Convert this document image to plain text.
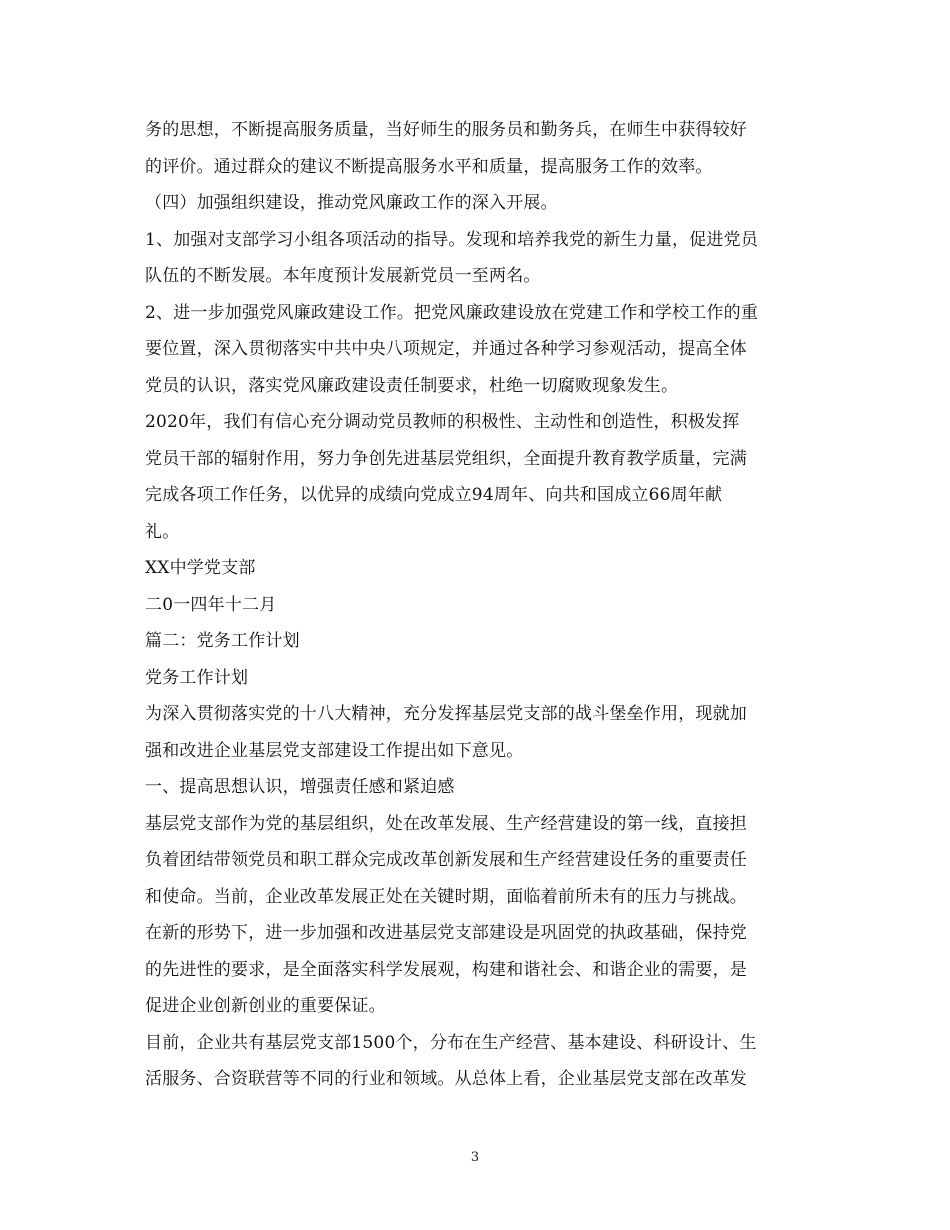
务的思想，不断提高服务质量，当好师生的服务员和勤务兵，在师生中获得较好
的评价。通过群众的建议不断提高服务水平和质量，提高服务工作的效率。
（四）加强组织建设，推动党风廉政工作的深入开展。
1、加强对支部学习小组各项活动的指导。发现和培养我党的新生力量，促进党员
队伍的不断发展。本年度预计发展新党员一至两名。
2、进一步加强党风廉政建设工作。把党风廉政建设放在党建工作和学校工作的重
要位置，深入贯彻落实中共中央八项规定，并通过各种学习参观活动，提高全体
党员的认识，落实党风廉政建设责任制要求，杜绝一切腐败现象发生。
2020年，我们有信心充分调动党员教师的积极性、主动性和创造性，积极发挥
党员干部的辐射作用，努力争创先进基层党组织，全面提升教育教学质量，完满
完成各项工作任务，以优异的成绩向党成立94周年、向共和国成立66周年献
礼。
XX中学党支部
二0一四年十二月
篇二：党务工作计划
党务工作计划
为深入贯彻落实党的十八大精神，充分发挥基层党支部的战斗堡垒作用，现就加
强和改进企业基层党支部建设工作提出如下意见。
一、提高思想认识，增强责任感和紧迫感
基层党支部作为党的基层组织，处在改革发展、生产经营建设的第一线，直接担
负着团结带领党员和职工群众完成改革创新发展和生产经营建设任务的重要责任
和使命。当前，企业改革发展正处在关键时期，面临着前所未有的压力与挑战。
在新的形势下，进一步加强和改进基层党支部建设是巩固党的执政基础，保持党
的先进性的要求，是全面落实科学发展观，构建和谐社会、和谐企业的需要，是
促进企业创新创业的重要保证。
目前，企业共有基层党支部1500个，分布在生产经营、基本建设、科研设计、生
活服务、合资联营等不同的行业和领域。从总体上看，企业基层党支部在改革发
3
